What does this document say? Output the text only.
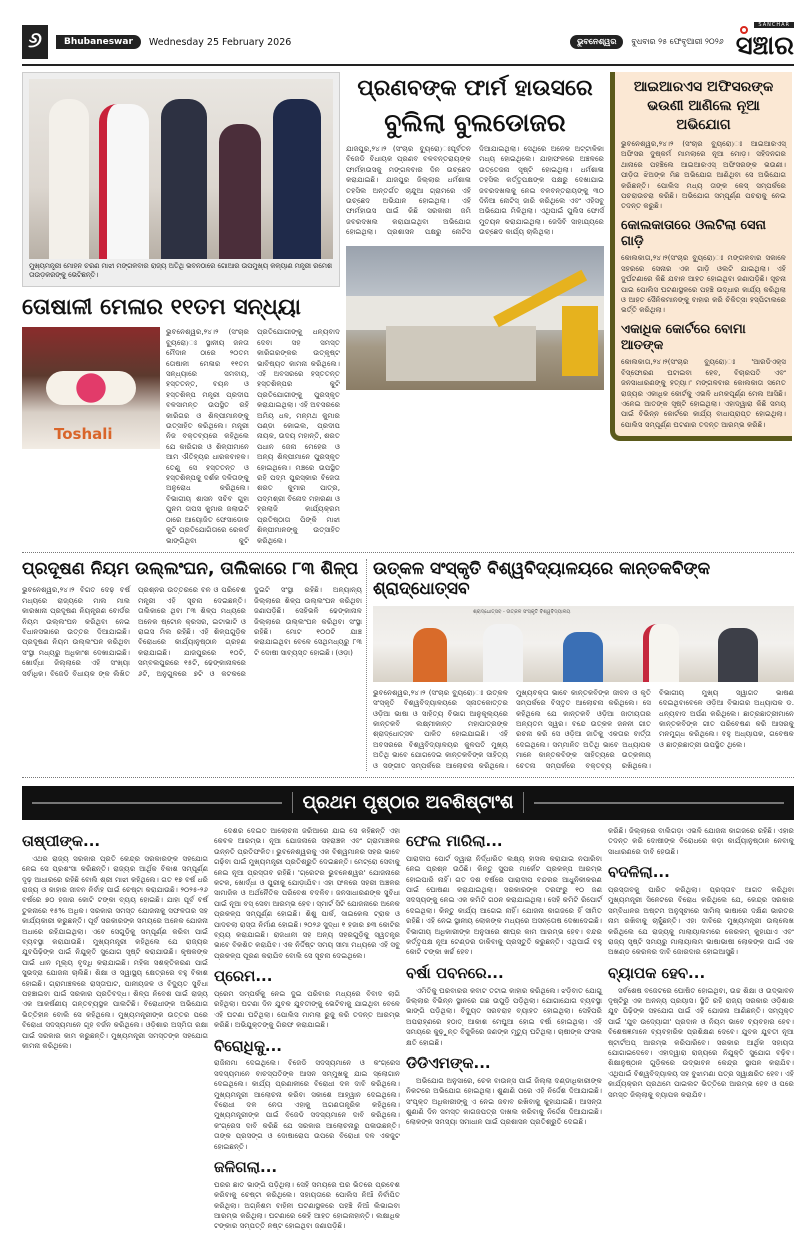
୬	Bhubaneswar	Wednesday 25 February 2026	ଭୁବନେଶ୍ୱର	ବୁଧବାର ୨୫ ଫେବୃଆରୀ ୨୦୨୬
SANCHAR
ସଞ୍ଚାର
ମୁଖ୍ୟମନ୍ତ୍ରୀ ମୋହନ ଚରଣ ମାଝୀ ମଙ୍ଗଳବାର ରାଜ୍ୟ ଅତିଥି ଭବନଠାରେ ଗୋଆର ଉପମୁଖ୍ୟ କଳ୍ୟାଣ ମନ୍ତ୍ରୀ ରମେଶ ତାଉଡ଼କରଙ୍କୁ ଭେଟିଛନ୍ତି।
ତୋଷାଳୀ ମେଳାର ୧୧ତମ ସନ୍ଧ୍ୟା
Toshali
ଭୁବନେଶ୍ୱର,୨୪।୨ (ସଂଚାର ବ୍ୟୁରୋ)ଃ ସ୍ଥାନୀୟ ଜନତା ମୈଦାନ ଠାରେ ୨୦ତମ ତୋଷାଳୀ ମେଳାର ୧୧ତମ ସନ୍ଧ୍ୟାରେ ସମବାୟ, ହସ୍ତତନ୍ତ, ବୟନ ଓ ହସ୍ତଶିଳ୍ପ ମନ୍ତ୍ରୀ ପ୍ରଦୀପ ବଳସାମନ୍ତ ଉପସ୍ଥିତ ରହି କାରିଗର ଓ ଶିଳ୍ପୀମାନଙ୍କୁ ଉତ୍ସାହିତ କରିଥିଲେ। ମନ୍ତ୍ରୀ ନିଜ ବକ୍ତବ୍ୟରେ କହିଥିଲେ ଯେ କାରିଗର ଓ ଶିଳ୍ପୀମାନେ ଆମ ଐତିହ୍ୟର ଧାରକବାହକ। ତେଣୁ ସେ ହସ୍ତତନ୍ତ ଓ ହସ୍ତଶିଳ୍ପକୁ ଦର୍ଶକ ଦଳିତାଙ୍କୁ ଅନୁରୋଧ କରିଥିଲେ। ବିଭାଗୀୟ ଶାସନ ସଚିବ ଗୁହା ପୁନମ ତାପସ କୁମାର ଜଲାଉଟି ଠାରେ ଆୟୋଜିତ ଫେସାଡୋକ କୁଟି ପ୍ରତିଯୋଗିତାରେ ରେକର୍ଡ ଭାଙ୍ଗିଥିବା କୁଟି ପ୍ରତିଯୋଗୀଙ୍କୁ ଧନ୍ୟବାଦ ଦେବା ସହ ସମସ୍ତ କାରିଗରଙ୍କର ଉତ୍କୃଷ୍ଟ ଭାବିଷ୍ୟତ କାମନା କରିଥିଲେ। ଏହି ଅବସରରେ ହସ୍ତତନ୍ତ ହସ୍ତଶିଳ୍ପର କୁଟି ପ୍ରତିଯୋଗୀଙ୍କୁ ପୁରସ୍କୃତ କରାଯାଇଥିଲା। ଏହି ଅବସରରେ ଅମିୟ ଧଳ, ମନ୍ମଥ କୁମାର ପଣ୍ଡା କୋଇଲ, ପ୍ରଦୀପ ନାୟକ, ଉଦୟ ମହାନ୍ତି, ଶରତ ପଧାନ ଜେନା ମେହେର ଓ ଅନ୍ୟ ଶିଳ୍ପୀମାନେ ପୁରସ୍କୃତ ହୋଇଥିଲେ। ମଞ୍ଚରେ ଉପସ୍ଥିତ ରହି ପଦ୍ମ ପୁରସ୍କାର ବିଜେତା ଶରତ କୁମାର ପାତ୍ର, ପଦ୍ମଶ୍ରୀ ବିନୋଦ ମହାରଣା ଓ ହ୍ରଲାଜି କାର୍ଯ୍ୟକ୍ରମ ପ୍ରତିଷ୍ଠାତା ପିଙ୍କି ମାଝୀ ଶିଳ୍ପୀମାନଙ୍କୁ ଉତ୍ସାହିତ କରିଥିଲେ।
ପ୍ରଣବଙ୍କ ଫାର୍ମ ହାଉସରେ
ବୁଲିଲା ବୁଲଡୋଜର
ଯାଜପୁର,୨୪।୨ (ସଂଚାର ବ୍ୟୁରୋ)ଃପୂର୍ବତନ ବିଜେଡି ବିଧାୟକ ପ୍ରଣବ ବଳବନ୍ତରାୟଙ୍କ ଫାର୍ମହାଉସକୁ ମଙ୍ଗଳବାର ଦିନ ଉଚ୍ଛେଦ କରାଯାଇଛି। ଯାଜପୁର ଜିଲ୍ଲାର ଧର୍ମଶାଳା ତହସିଲ ଅନ୍ତର୍ଗତ ଚାନ୍ଦୁଆ ଗ୍ରାମରେ ଏହି ଉଚ୍ଛେଦ ଅଭିଯାନ ହୋଇଥିଲା। ଏହି ଫାର୍ମହାଉସ ପାଇଁ କିଛି ସରକାରୀ ଜମି ଜବରଦଖଲ କରାଯାଇଥିବା ଅଭିଯୋଗ ହୋଇଥିଲା। ପ୍ରଶାସନ ପକ୍ଷରୁ ନୋଟିସ ଦିଆଯାଇଥିଲା। ସେଥିରେ ଅନେକ ଅଟ୍ଟାଳିକା ମଧ୍ୟ ହୋଇଥିଲେ। ଯାହାଫଳରେ ଅଞ୍ଚଳରେ ଉତ୍ତେଜନା ସୃଷ୍ଟି ହୋଇଥିଲା। ଧର୍ମଶାଳା ତହସିଲ କର୍ତ୍ତୃପକ୍ଷଙ୍କ ପକ୍ଷରୁ ଦେଖାଯାଇ ଜବରଦଖଲକୁ ନେଇ ବଳବନ୍ତରାୟଙ୍କୁ ୩୦ ଦିନିଆ ନୋଟିସ୍ ଜାରି କରିଥିଲେ ଏବଂ ଏହିସବୁ ଅଭିଯୋଗ ମିଳିଥିଲା। ଏଥିପାଇଁ ପୁଲିସ ଫୋର୍ସ ମୁତୟନ କରାଯାଇଥିଲା। ଜେସିବି ସାହାଯ୍ୟରେ ଉଚ୍ଛେଦ କାର୍ଯ୍ୟ ଚାଲିଥିଲା।
ଆଇଆରଏସ ଅଫିସରଙ୍କ ଭଉଣୀ ଆଣିଲେ ନୂଆ ଅଭିଯୋଗ
ଭୁବନେଶ୍ୱର,୨୪।୨ (ସଂଚାର ବ୍ୟୁରୋ)ଃ ଆଇଆରଏସ୍ ଅଫିସର ଦୁଷ୍କର୍ମ ମାମଲାରେ ନୂଆ ମୋଡ଼। ସହିଦନଗର ଥାନାରେ ପହଞ୍ଚିଲେ ଆଇଆରଏସ୍ ଅଫିସରଙ୍କ ଭଉଣୀ। ପୀଡ଼ିତା ଝିଅଙ୍କ ମିଛ ଅଭିଯୋଗ ଆଣିଥିବା ସେ ଅଭିଯୋଗ କରିଛନ୍ତି। ପୋଲିସ ମଧ୍ୟ ତାଙ୍କ କେସ୍ ସମ୍ପର୍କରେ ପଚରାଉଚରା କରିଛି। ଅଭିଯୋଗ ସମ୍ପୂର୍ଣ୍ଣ ପଚରାକୁ ନେଇ ତଦନ୍ତ କରୁଛି।
କୋଲକାତାରେ ଓଲଟିଲା ସେନା ଗାଡ଼ି
କୋଲକାତା,୨୪।୨(ସଂଚାର ବ୍ୟୁରୋ)ଃ ମଙ୍ଗଳବାର ସକାଳେ ସହରରେ ସେନାର ଏକ ଗାଡ଼ି ଓଲଟି ଯାଇଥିଲା। ଏହି ଦୁର୍ଘଟଣାରେ କିଛି ଯବାନ ଆହତ ହୋଇଥିବା ଜଣାପଡ଼ିଛି। ସୂଚନା ପାଇ ପୋଲିସ ଘଟଣାସ୍ଥଳରେ ପହଞ୍ଚି ଉଦ୍ଧାର କାର୍ଯ୍ୟ କରିଥିଲା ଓ ଆହତ ସୈନିକମାନଙ୍କୁ ବାହାର କରି ଚିକିତ୍ସା ହସ୍ପିଟାଲରେ ଭର୍ତ୍ତି କରିଥିଲା।
ଏକାଧିକ କୋର୍ଟରେ ବୋମା ଆତଙ୍କ
କୋଲକାତା,୨୪।୨(ସଂଚାର ବ୍ୟୁରୋ)ଃ 'ଆରଡିଏକ୍ସ ବିସ୍ଫୋରଣ ଘଟାଇବା ହେବ, ବିଚାରପତି ଏବଂ ଜନସାଧାରଣଙ୍କୁ ହତ୍ୟା।' ମଙ୍ଗଳବାର କୋଲକାତା ସମେତ ରାଜ୍ୟର ଏକାଧିକ କୋର୍ଟକୁ ଏଭଳି ଧମକପୂର୍ଣ୍ଣ ମେଲ ଆସିଛି। ଏନେଇ ଆତଙ୍କ ସୃଷ୍ଟି ହୋଇଥିଲା। ଏହାଦ୍ୱାରା କିଛି ସମୟ ପାଇଁ ବିଭିନ୍ନ କୋର୍ଟରେ କାର୍ଯ୍ୟ ବାଧାପ୍ରାପ୍ତ ହୋଇଥିଲା। ପୋଲିସ ସମ୍ପୂର୍ଣ୍ଣ ଘଟଣାର ତଦନ୍ତ ଆରମ୍ଭ କରିଛି।
ପ୍ରଦୂଷଣ ନିୟମ ଉଲ୍ଲଂଘନ, ତାଲିକାରେ ୮୩ ଶିଳ୍ପ
ଭୁବନେଶ୍ୱର,୨୪।୨ ବିଗତ ଦେଢ଼ ବର୍ଷ ମଧ୍ୟରେ ରାଜ୍ୟରେ ମାଲ ମାଲ କାରଖାନା ପ୍ରଦୂଷଣ ନିୟନ୍ତ୍ରଣ ବୋର୍ଡର ନିୟମ ଉଲ୍ଲଂଘନ କରିଥିବା ନେଇ ବିଧାନସଭାରେ ଉତ୍ତର ଦିଆଯାଇଛି। ପ୍ରଦୂଷଣ ନିୟମ ଉଲ୍ଲଂଘନ କରିଥିବା ସଂସ୍ଥା ମଧ୍ୟରୁ ଅଧିକାଂଶ ଦେଖାଯାଇଛି। ଖୋର୍ଦ୍ଧା ଜିଲ୍ଲାରେ ଏହି ସଂଖ୍ୟା ସର୍ବାଧିକ। ବିଜେଡି ବିଧାୟକ ଙ୍କ ଲିଖିତ ପ୍ରଶ୍ନର ଉତ୍ତରରେ ବନ ଓ ପରିବେଶ ମନ୍ତ୍ରୀ ଏହି ସୂଚନା ଦେଇଛନ୍ତି। ତାଲିକାରେ ଥିବା ୮୩ ଶିଳ୍ପ ମଧ୍ୟରେ ଅନେକ ଷ୍ଟୋନ କ୍ରସର, ଇଟାଭାଟି ଓ ରାଇସ ମିଲ ରହିଛି। ଏହି ଶିଳ୍ପଗୁଡ଼ିକ ବିରୋଧରେ କାର୍ଯ୍ୟାନୁଷ୍ଠାନ ଗ୍ରହଣ କରାଯାଇଛି। ଯାଜପୁରରେ ୧୦ଟି, ସମ୍ବଲପୁରରେ ୧୫ଟି, ଢେଙ୍କାନାଳରେ ୬ଟି, ଅନୁଗୁଳରେ ୭ଟି ଓ କଟକରେ ଦୁଇଟି ସଂସ୍ଥା ରହିଛି। ଅନ୍ୟାନ୍ୟ ଜିଲ୍ଲାରେ ଶିଳ୍ପ ଉଲ୍ଲଂଘନ କରିଥିବା ଜଣାପଡ଼ିଛି। ସେହିଭଳି ଢେଙ୍କାନାଳ ଜିଲ୍ଲାରେ ଉଲ୍ଲଂଘନ କରିଥିବା ସଂସ୍ଥା ରହିଛି। ମୋଟ ୧୦୦ଟି ଯାଞ୍ଚ କରାଯାଇଥିବା ବେଳେ ସେଥିମଧ୍ୟରୁ ୮୩ ଟି ଦୋଷୀ ସାବ୍ୟସ୍ତ ହୋଇଛି। (ଓଡ଼ା)
ଉତ୍କଳ ସଂସ୍କୃତି ବିଶ୍ୱବିଦ୍ୟାଳୟରେ କାନ୍ତକବିଙ୍କ ଶ୍ରାଦ୍ଧୋତ୍ସବ
ଶ୍ରାଦ୍ଧୋତ୍ସବ - ଉତ୍କଳ ସଂସ୍କୃତି ବିଶ୍ୱବିଦ୍ୟାଳୟ
ଭୁବନେଶ୍ୱର,୨୪।୨ (ସଂଚାର ବ୍ୟୁରୋ)ଃ ଉତ୍କଳ ସଂସ୍କୃତି ବିଶ୍ୱବିଦ୍ୟାଳୟରେ ସ୍ନାତକୋତ୍ତର ଓଡ଼ିଆ ଭାଷା ଓ ସାହିତ୍ୟ ବିଭାଗ ଆନୁକୂଲ୍ୟରେ କାନ୍ତକବି ଲକ୍ଷ୍ମୀକାନ୍ତ ମହାପାତ୍ରଙ୍କ ଶ୍ରାଦ୍ଧୋତ୍ସବ ପାଳିତ ହୋଇଯାଇଛି। ଏହି ଅବସରରେ ବିଶ୍ୱବିଦ୍ୟାଳୟର କୁଳପତି ମୁଖ୍ୟ ଅତିଥି ଭାବେ ଯୋଗଦେଇ କାନ୍ତକବିଙ୍କ ସାହିତ୍ୟ ଓ ସଙ୍ଗୀତ ସମ୍ପର୍କରେ ଆଲୋଚନା କରିଥିଲେ। ମୁଖ୍ୟବକ୍ତା ଭାବେ କାନ୍ତକବିଙ୍କ ଜୀବନ ଓ କୃତି ସମ୍ପର୍କରେ ବିସ୍ତୃତ ଆଲୋଚନା କରିଥିଲେ। ସେ କହିଥିଲେ ଯେ କାନ୍ତକବି ଓଡ଼ିଆ ଜାତୀୟତାର ଅନ୍ୟତମ ସ୍ୱର। ବନ୍ଦେ ଉତ୍କଳ ଜନନୀ ଗୀତ ରଚନା କରି ସେ ଓଡ଼ିଆ ଜାତିକୁ ଏକତାର ବାର୍ତ୍ତା ଦେଇଥିଲେ। ସମ୍ମାନିତ ଅତିଥି ଭାବେ ଅଧ୍ୟାପକ ମାନେ କାନ୍ତକବିଙ୍କ ସାହିତ୍ୟରେ ଉତ୍କଳୀୟ ଚେତନା ସମ୍ପର୍କରେ ବକ୍ତବ୍ୟ ରଖିଥିଲେ। ବିଭାଗୀୟ ମୁଖ୍ୟ ସ୍ୱାଗତ ଭାଷଣ ଦେଇଥିବାବେଳେ ଓଡ଼ିଆ ବିଭାଗର ଅଧ୍ୟାପକ ଡ. ଧନ୍ୟବାଦ ଅର୍ପଣ କରିଥିଲେ। ଛାତ୍ରଛାତ୍ରୀମାନେ କାନ୍ତକବିଙ୍କ ଗୀତ ପରିବେଷଣ କରି ଆସରକୁ ମନମୁଗ୍ଧ କରିଥିଲେ। ବହୁ ଅଧ୍ୟାପକ, ଗବେଷକ ଓ ଛାତ୍ରଛାତ୍ରୀ ଉପସ୍ଥିତ ଥିଲେ।
ପ୍ରଥମ ପୃଷ୍ଠାର ଅବଶିଷ୍ଟାଂଶ
ତାଷ୍ପୀଙ୍କ...
ଏଥର ରାଜ୍ୟ ସରକାର ପ୍ରତି କେନ୍ଦ୍ର ସରକାରଙ୍କ ସହଯୋଗ ନେଇ ସେ ପ୍ରଶଂସା କରିଛନ୍ତି। ରାଜ୍ୟର ଆର୍ଥିକ ବିକାଶ ସମ୍ପୂର୍ଣ୍ଣ ଦୃଢ଼ ଆଧାରରେ ରହିଛି ବୋଲି ଶ୍ରୀ ମାଝୀ କହିଥିଲେ। ଗତ ୧୭ ବର୍ଷ ଧରି ରାଜ୍ୟ ଓ କାହାର ଜୀବନ ନିର୍ବାହ ପାଇଁ ଚେଷ୍ଟା କରାଯାଉଛି। ୨୦୨୫-୨୬ ବର୍ଷରେ ୭୦ ହଜାର କୋଟି ଟଙ୍କା ବ୍ୟୟ ହୋଇଛି। ଯାହା ପୂର୍ବ ବର୍ଷ ତୁଳନାରେ ୧୫% ଅଧିକ। ସରକାର ସମସ୍ତ ଯୋଜନାକୁ ସଫଳତାର ସହ କାର୍ଯ୍ୟକାରୀ କରୁଛନ୍ତି। ପୂର୍ବ ସରକାରଙ୍କ ସମୟରେ ଅନେକ ଯୋଜନା ଅଧାରେ ରହିଯାଇଥିଲା। ଏବେ ସେଗୁଡ଼ିକୁ ସମ୍ପୂର୍ଣ୍ଣ କରିବା ପାଇଁ ବ୍ୟବସ୍ଥା କରାଯାଉଛି। ମୁଖ୍ୟମନ୍ତ୍ରୀ କହିଥିଲେ ଯେ ରାଜ୍ୟର ଯୁବପିଢ଼ିଙ୍କ ପାଇଁ ନିଯୁକ୍ତି ସୁଯୋଗ ସୃଷ୍ଟି କରାଯାଉଛି। କୃଷକଙ୍କ ପାଇଁ ଧାନ ମୂଲ୍ୟ ବୃଦ୍ଧି କରାଯାଇଛି। ମହିଳା ସଶକ୍ତିକରଣ ପାଇଁ ସୁଭଦ୍ରା ଯୋଜନା ଚାଲିଛି। ଶିକ୍ଷା ଓ ସ୍ୱାସ୍ଥ୍ୟ କ୍ଷେତ୍ରରେ ବହୁ ବିକାଶ ହୋଇଛି। ଗ୍ରାମାଞ୍ଚଳରେ ରାସ୍ତାଘାଟ, ପାନୀୟଜଳ ଓ ବିଦ୍ୟୁତ ସୁବିଧା ପହଞ୍ଚାଇବା ପାଇଁ ସରକାର ପ୍ରତିବଦ୍ଧ। ଶିଳ୍ପ ନିବେଶ ପାଇଁ ରାଜ୍ୟ ଏକ ଆକର୍ଷଣୀୟ ଗନ୍ତବ୍ୟସ୍ଥଳ ପାଲଟିଛି। ବିରୋଧୀଙ୍କ ଅଭିଯୋଗ ଭିତ୍ତିହୀନ ବୋଲି ସେ କହିଥିଲେ। ମୁଖ୍ୟମନ୍ତ୍ରୀଙ୍କ ଉତ୍ତର ପରେ ବିରୋଧୀ ସଦସ୍ୟମାନେ ଗୃହ ବର୍ଜନ କରିଥିଲେ। ଓଡ଼ିଶାର ଅସ୍ମିତା ରକ୍ଷା ପାଇଁ ସରକାର କାମ କରୁଛନ୍ତି। ମୁଖ୍ୟମନ୍ତ୍ରୀ ସମସ୍ତଙ୍କ ସହଯୋଗ କାମନା କରିଥିଲେ।
ଦେଶର ଦେଇତ ଆଲୋଚନା ଜରିଆରେ ଯାଇ ସେ କହିଛନ୍ତି ଏହା କେବଳ ଆରମ୍ଭ। ନୂଆ ଯୋଜନାରେ ସହରାଞ୍ଚଳ ଏବଂ ଗ୍ରାମାଞ୍ଚଳର ଉନ୍ନତି ପ୍ରତିଫଳିତ। ଭୁବନେଶ୍ୱରକୁ ଏକ ବିଶ୍ୱମାନର ସହର ଭାବେ ଗଢ଼ିବା ପାଇଁ ମୁଖ୍ୟମନ୍ତ୍ରୀ ପ୍ରତିଶ୍ରୁତି ଦେଇଛନ୍ତି। ମେଟ୍ରୋ ସେବାକୁ ନେଇ ନୂଆ ପ୍ରସ୍ତାବ ରହିଛି। 'ଗ୍ରେଟର ଭୁବନେଶ୍ୱର' ଯୋଜନାରେ କଟକ, ଖୋର୍ଦ୍ଧା ଓ ପୁରୀକୁ ଯୋଡ଼ାଯିବ। ଏହା ଫଳରେ ସହରୀ ଅଞ୍ଚଳର ସାମାଜିକ ଓ ଅର୍ଥନୈତିକ ପରିବେଶ ବଦଳିବ। ଜନସାଧାରଣଙ୍କ ସୁବିଧା ପାଇଁ ନୂଆ ବସ୍ ସେବା ଆରମ୍ଭ ହେବ। ସ୍ମାର୍ଟ ସିଟି ଯୋଜନାରେ ଅନେକ ପ୍ରକଳ୍ପ ସମ୍ପୂର୍ଣ୍ଣ ହୋଇଛି। ଶିଶୁ ପାର୍କ, ସାଇକେଲ ଟ୍ରାକ ଓ ପାଦଚଲା ରାସ୍ତା ନିର୍ମାଣ ହୋଇଛି। ୨୦୨୬ ସୁଦ୍ଧା ୧ ହଜାର ୭୩ କୋଟିର ବ୍ୟୟ କରାଯାଇଛି। ରାଜଧାନୀ ସହ ଅନ୍ୟ ସହରଗୁଡ଼ିକୁ ସ୍ୱତନ୍ତ୍ର ଭାବେ ବିକଶିତ କରାଯିବ। ଏକ ନିର୍ଦ୍ଦିଷ୍ଟ ସମୟ ସୀମା ମଧ୍ୟରେ ଏହି ସବୁ ପ୍ରକଳ୍ପ ପୂରଣ କରାଯିବ ବୋଲି ସେ ସୂଚନା ଦେଇଥିଲେ।
ପ୍ରେମ...
ପ୍ରେମ ସମ୍ପର୍କକୁ ନେଇ ଦୁଇ ପରିବାର ମଧ୍ୟରେ ବିବାଦ ଲାଗି ରହିଥିଲା। ଘଟଣା ଦିନ ଯୁବକ ଯୁବତୀଙ୍କୁ ଭେଟିବାକୁ ଯାଇଥିବା ବେଳେ ଏହି ଘଟଣା ଘଟିଥିଲା। ପୋଲିସ ମାମଲା ରୁଜୁ କରି ତଦନ୍ତ ଆରମ୍ଭ କରିଛି। ଅଭିଯୁକ୍ତଙ୍କୁ ଗିରଫ କରାଯାଇଛି।
ବିରୋଧିକୁ...
ରାଜିନାମା ଦେଇଥିଲେ। ବିଜେଡି ସଦସ୍ୟମାନେ ଓ କଂଗ୍ରେସ ସଦସ୍ୟମାନେ ବାଚସ୍ପତିଙ୍କ ଆସନ ସମ୍ମୁଖକୁ ଯାଇ ସ୍ଲୋଗାନ ଦେଇଥିଲେ। କାର୍ଯ୍ୟ ପ୍ରଣାଳୀରେ ବିରୋଧୀ ଦଳ ଦାବି କରିଥିଲେ। ମୁଖ୍ୟମନ୍ତ୍ରୀ ଆଲୋଚନା କରିବା ସକାଶେ ଆହ୍ୱାନ ଦେଇଥିଲେ। ବିରୋଧୀ ଦଳ ନେତା ଏହାକୁ ଅଗଣତାନ୍ତ୍ରିକ କହିଥିଲେ। ମୁଖ୍ୟମନ୍ତ୍ରୀଙ୍କ ପାଇଁ ବିଜେଡି ସଦସ୍ୟମାନେ ଦାବି କରିଥିଲେ। କଂଗ୍ରେସ ଦାବି କରିଛି ଯେ ସରକାର ଆଲୋଚନାରୁ ପଳାଉଛନ୍ତି। ତାଙ୍କ ପ୍ରସଙ୍ଗ ଓ ଦୋଷାରୋପ ଉପରେ ବିରୋଧୀ ଦଳ ଏକଜୁଟ ହୋଇଛନ୍ତି।
ଜଳିଗଲା...
ଘରର ଛାତ ଭାଙ୍ଗି ପଡ଼ିଥିଲା। ସେହି ସମୟରେ ଘର ଭିତରେ ପ୍ରବେଶ କରିବାକୁ ଚେଷ୍ଟା କରିଥିଲେ। ସହାୟତାରେ ପୋଲିସ ନିଆଁ ନିର୍ବାପିତ କରିଥିଲା। ଅଗ୍ନିଶମ ବାହିନୀ ଘଟଣାସ୍ଥଳରେ ପହଞ୍ଚି ନିଆଁ ଲିଭାଇବା ଆରମ୍ଭ କରିଥିଲା। ଘଟଣାରେ କେହି ଆହତ ହୋଇନାହାନ୍ତି। ଲକ୍ଷାଧିକ ଟଙ୍କାର ସମ୍ପତ୍ତି ନଷ୍ଟ ହୋଇଥିବା ଜଣାପଡ଼ିଛି।
ଫେଲ ମାରିଲା...
ପାରାଦୀପ ପୋର୍ଟ ଦ୍ୱାରା ନିର୍ଦ୍ଧାରିତ ଲକ୍ଷ୍ୟ ହାସଲ କରାଯାଇ ନପାରିବା ନେଇ ପ୍ରଶ୍ନ ଉଠିଛି। କିନ୍ତୁ ସୁପର ମାର୍କେଟ ପ୍ରକଳ୍ପ ଆରମ୍ଭ ହୋଇପାରି ନାହିଁ। ଗତ ଦଶ ବର୍ଷରେ ପାରାଦୀପ ବନ୍ଦରର ଆଧୁନିକୀକରଣ ପାଇଁ ଘୋଷଣା କରାଯାଇଥିଲା। ସରକାରଙ୍କ ତରଫରୁ ୧୦ ଜଣ ସଦସ୍ୟଙ୍କୁ ନେଇ ଏକ କମିଟି ଗଠନ କରାଯାଇଥିଲା। ସେହି କମିଟି ରିପୋର୍ଟ ଦେଇଥିଲା। କିନ୍ତୁ କାର୍ଯ୍ୟ ଆଗେଇ ନାହିଁ। ଯୋଜନା କାଗଜରେ ହିଁ ସୀମିତ ରହିଛି। ଏହି ନେଇ ସ୍ଥାନୀୟ ଲୋକଙ୍କ ମଧ୍ୟରେ ଅସନ୍ତୋଷ ଦେଖାଦେଇଛି। ବିଭାଗୀୟ ଅଧିକାରୀଙ୍କ ଅନୁସାରେ ଶୀଘ୍ର କାମ ଆରମ୍ଭ ହେବ। ବନ୍ଦର କର୍ତ୍ତୃପକ୍ଷ ନୂଆ ଟେଣ୍ଡର ଡାକିବାକୁ ପ୍ରସ୍ତୁତି କରୁଛନ୍ତି। ଏଥିପାଇଁ ବହୁ କୋଟି ଟଙ୍କା ଖର୍ଚ୍ଚ ହେବ।
ବର୍ଷା ପବନରେ...
ଏମିତିକୁ ଘରବାରର କବାଟ ତଟାଇ କାହାର କରିଥିଲେ। ଝଡ଼ିବାତ ଯୋଗୁ ଜିଲ୍ଲାର ବିଭିନ୍ନ ସ୍ଥାନରେ ଗଛ ଉପୁଡ଼ି ପଡ଼ିଥିଲା। ଯୋଗାଯୋଗ ବ୍ୟବସ୍ଥା ଭାଙ୍ଗି ପଡ଼ିଥିଲା। ବିଦ୍ୟୁତ ସରବରାହ ବ୍ୟାହତ ହୋଇଥିଲା। ସେହିପରି ଅପରାହ୍ଣରେ ହଠାତ୍ ଆକାଶ ମେଘୁଆ ହୋଇ ବର୍ଷା ହୋଇଥିଲା। ଏହି ସମୟରେ କୁଢ଼ୁନ୍ତ ବିଜୁଳିରେ ଜଣଙ୍କ ମୃତ୍ୟୁ ଘଟିଥିଲା। ଚାଷୀଙ୍କ ଫସଲ କ୍ଷତି ହୋଇଛି।
ଡିଡିଏମଙ୍କ...
ଅଭିଯୋଗ ଅନୁସାରେ, ଚେକ ବାଉନ୍ସ ପାଇଁ ଜିଲ୍ଲା ଦଣ୍ଡାଧିକାରୀଙ୍କ ନିକଟରେ ଅଭିଯୋଗ ହୋଇଥିଲା। ଶୁଣାଣି ପରେ ଏହି ନିର୍ଦ୍ଦେଶ ଦିଆଯାଇଛି। ସଂପୃକ୍ତ ଅଧିକାରୀଙ୍କୁ ଏ ନେଇ ଜବାବ ରଖିବାକୁ କୁହାଯାଇଛି। ଆସନ୍ତା ଶୁଣାଣି ଦିନ ସମସ୍ତ କାଗଜପତ୍ର ଦାଖଲ କରିବାକୁ ନିର୍ଦ୍ଦେଶ ଦିଆଯାଇଛି। ଲୋକଙ୍କ ସମସ୍ୟା ସମାଧାନ ପାଇଁ ପ୍ରଶାସନ ପ୍ରତିଶ୍ରୁତି ଦେଇଛି।
କରିଛି। ଜିଲ୍ଲାରେ ବାଲିଗଡ଼ା ଏଭଳି ଯୋଜନା କାଗଜରେ ରହିଛି। ଏହାର ତଦନ୍ତ କରି ଦୋଷୀଙ୍କ ବିରୋଧରେ କଡ଼ା କାର୍ଯ୍ୟାନୁଷ୍ଠାନ ନେବାକୁ ସାଧାରଣରେ ଦାବି ହେଉଛି।
ବଦଳିଲା...
ପ୍ରସ୍ତାବକୁ ପାରିତ କରିଥିଲା। ପ୍ରସ୍ତାବ ଆଗତ କରିଥିବା ମୁଖ୍ୟମନ୍ତ୍ରୀ ସିନେଟରେ ବିରୋଧ କରିଥିଲେ ଯେ, କେନ୍ଦ୍ର ସରକାର ସମ୍ବିଧାନର ଅଷ୍ଟମ ଅନୁସୂଚୀରେ ସାମିଲ୍ ଭାଷାରେ ଦକ୍ଷିଣ ଭାରତର ନାମ ରଖିବାକୁ ଚାହୁଁଛନ୍ତି। ଏହା ଦାବିରେ ମୁଖ୍ୟମନ୍ତ୍ରୀ ଉଲ୍ଲେଖ କରିଥିଲେ ଯେ ରାଜ୍ୟକୁ ମାଲାୟାଲମରେ କେରଳମ୍ କୁହାଯାଏ ଏବଂ ରାଜ୍ୟ ସୃଷ୍ଟି ସମୟରୁ ମାଲାୟାଲମ ଭାଷାଭାଷୀ ଲୋକଙ୍କ ପାଇଁ ଏକ ଅଖଣ୍ଡ କେରଳର ଦାବି ଜୋରଦାର ହୋଇଆସୁଛି।
ବ୍ୟାପକ ହେବ...
ସର୍ବଶେଷ ବଜେଟରେ ଘୋଷିତ ହୋଇଥିବା, ଉଚ୍ଚ ଶିକ୍ଷା ଓ ଉଦ୍ଭାବନ ଦୃଷ୍ଟିରୁ ଏକ ଅନନ୍ୟ ପ୍ରୟାସ। ସ୍ଥିତି ରହି ରାଜ୍ୟ ସରକାର ଓଡ଼ିଶାର ଯୁବ ପିଢ଼ିଙ୍କ ସହଯୋଗ ପାଇଁ ଏହି ଯୋଜନା ଆଣିଛନ୍ତି। ସମ୍ପୃକ୍ତ ପାଇଁ 'ଯୁବ ଉଦ୍ୟୋଗୀ' ପ୍ରଦାନ ଓ ନିୟମ ଭାବେ ବ୍ୟବହାର ହେବ। ବିଶେଷଜ୍ଞମାନେ ବ୍ୟବହାରିକ ପ୍ରଶିକ୍ଷଣ ଦେବେ। ଯୁବକ ଯୁବତୀ ନୂଆ ଷ୍ଟାର୍ଟଅପ୍ ଆରମ୍ଭ କରିପାରିବେ। ସରକାର ଆର୍ଥିକ ସହାୟତା ଯୋଗାଇଦେବେ। ଏହାଦ୍ୱାରା ରାଜ୍ୟରେ ନିଯୁକ୍ତି ସୁଯୋଗ ବଢ଼ିବ। ଶିକ୍ଷାନୁଷ୍ଠାନ ଗୁଡ଼ିକରେ ଉଦ୍ଭାବନ କେନ୍ଦ୍ର ସ୍ଥାପନ କରାଯିବ। ଏଥିପାଇଁ ବିଶ୍ୱବିଦ୍ୟାଳୟ ସହ ବୁଝାମଣା ପତ୍ର ସ୍ୱାକ୍ଷରିତ ହେବ। ଏହି କାର୍ଯ୍ୟକ୍ରମ ପ୍ରଥମେ ପାଇଲଟ ଭିତ୍ତିରେ ଆରମ୍ଭ ହେବ ଓ ପରେ ସମସ୍ତ ଜିଲ୍ଲାକୁ ବ୍ୟାପକ କରାଯିବ।
